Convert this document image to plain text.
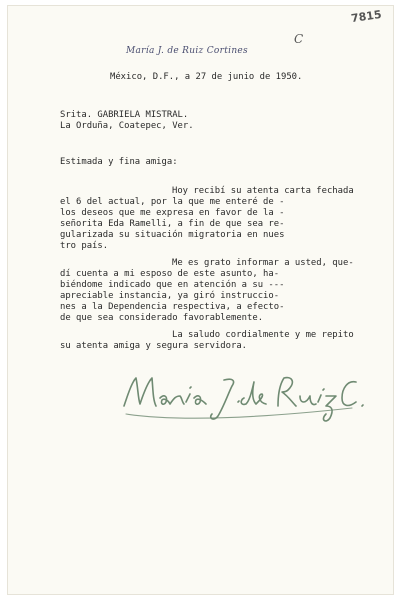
7815
C
María J. de Ruiz Cortines
México, D.F., a 27 de junio de 1950.
Srita. GABRIELA MISTRAL.
La Orduña, Coatepec, Ver.
Estimada y fina amiga:
Hoy recibí su atenta carta fechada
el 6 del actual, por la que me enteré de -
los deseos que me expresa en favor de la -
señorita Eda Ramelli, a fin de que sea re-
gularizada su situación migratoria en nues
tro país.
Me es grato informar a usted, que-
dí cuenta a mi esposo de este asunto, ha-
biéndome indicado que en atención a su ---
apreciable instancia, ya giró instruccio-
nes a la Dependencia respectiva, a efecto-
de que sea considerado favorablemente.
La saludo cordialmente y me repito
su atenta amiga y segura servidora.
